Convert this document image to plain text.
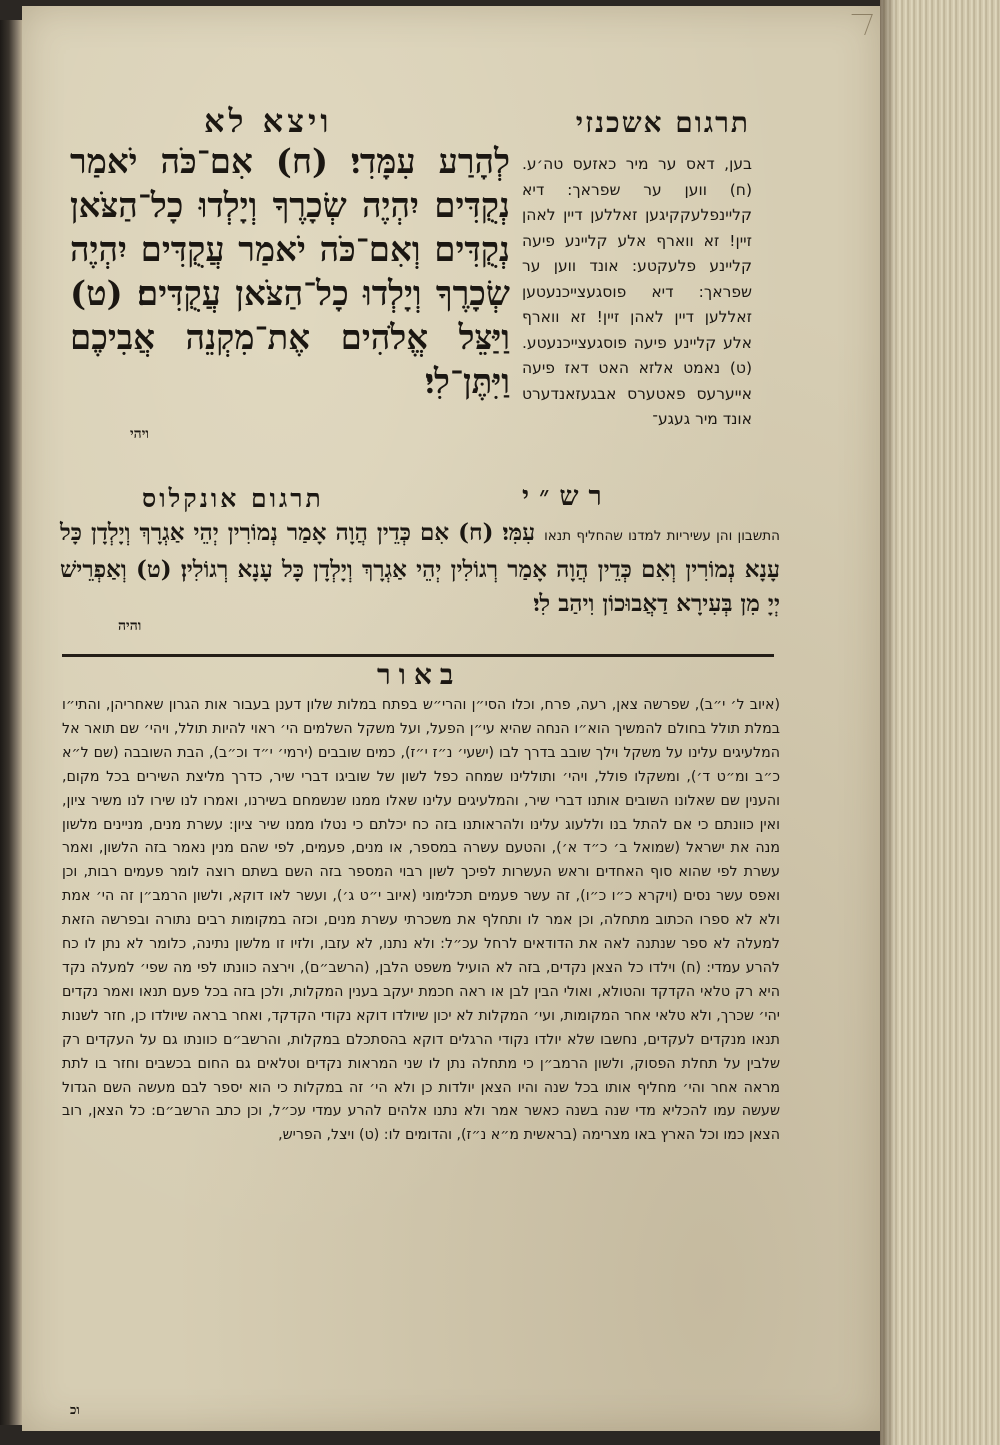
ויצא לא	תרגום אשכנזי
לְהָרַע עִמָּדִי׃ (ח) אִם־כֹּה יֹאמַר נְקֻדִּים יִהְיֶה שְׂכָרֶךָ וְיָלְדוּ כָל־הַצֹּאן נְקֻדִּים וְאִם־כֹּה יֹאמַר עֲקֻדִּים יִהְיֶה שְׂכָרֶךָ וְיָלְדוּ כָל־הַצֹּאן עֲקֻדִּים׃ (ט) וַיַּצֵּל אֱלֹהִים אֶת־מִקְנֵה אֲבִיכֶם וַיִּתֶּן־לִי׃
ויהי
בען, דאס ער מיר כאזעס טה׳ע. (ח) ווען ער שפראך: דיא קליינפלעקקיגען זאללען דיין לאהן זיין! זא ווארף אלע קליינע פיעה קליינע פלעקטע: אונד ווען ער שפראך: דיא פוסגעצייכנעטען זאללען דיין לאהן זיין! זא ווארף אלע קליינע פיעה פוסגעצייכנעטע. (ט) נאמט אלזא האט דאז פיעה אייערעס פאטערס אבגעזאנדערט אונד מיר געגע־
תרגום אונקלוס	רש״י
התשבון והן עשיריות למדנו שהחליף תנאו עִמִּי׃ (ח) אִם כְּדֵין הֲוָה אָמַר נְמוֹרִין יְהֵי אַגְרָךְ וְיָלְדָן כָּל עָנָא נְמוֹרִין וְאִם כְּדֵין הֲוָה אָמַר רְגוֹלִין יְהֵי אַגְרָךְ וְיָלְדָן כָּל עָנָא רְגוֹלִין׃ (ט) וְאַפְרֵישׁ יְיָ מִן בְּעִירָא דַאֲבוּכוֹן וִיהַב לִי׃
והיה
באור

(איוב ל׳ י״ב), שפרשה צאן, רעה, פרח, וכלו הסי״ן והרי״ש בפתח במלות שלון דענן בעבור אות הגרון שאחריהן, והתי״ו במלת תולל בחולם להמשיך הוא״ו הנחה שהיא עי״ן הפעל, ועל משקל השלמים הי׳ ראוי להיות תולל, ויהי׳ שם תואר אל המלעיגים עלינו על משקל וילך שובב בדרך לבו (ישעי׳ נ״ז י״ז), כמים שובבים (ירמי׳ י״ד וכ״ב), הבת השובבה (שם ל״א כ״ב ומ״ט ד׳), ומשקלו פולל, ויהי׳ ותוללינו שמחה כפל לשון של שוביגו דברי שיר, כדרך מליצת השירים בכל מקום, והענין שם שאלונו השובים אותנו דברי שיר, והמלעיגים עלינו שאלו ממנו שנשמחם בשירנו, ואמרו לנו שירו לנו משיר ציון, ואין כוונתם כי אם להתל בנו וללעוג עלינו ולהראותנו בזה כח יכלתם כי נטלו ממנו שיר ציון: עשרת מנים, מניינים מלשון מנה את ישראל (שמואל ב׳ כ״ד א׳), והטעם עשרה במספר, או מנים, פעמים, לפי שהם מנין נאמר בזה הלשון, ואמר עשרת לפי שהוא סוף האחדים וראש העשרות לפיכך לשון רבוי המספר בזה השם בשתם רוצה לומר פעמים רבות, וכן ואפס עשר נסים (ויקרא כ״ו כ״ו), זה עשר פעמים תכלימוני (איוב י״ט ג׳), ועשר לאו דוקא, ולשון הרמב״ן זה הי׳ אמת ולא לא ספרו הכתוב מתחלה, וכן אמר לו ותחלף את משכרתי עשרת מנים, וכזה במקומות רבים נתורה ובפרשה הזאת למעלה לא ספר שנתנה לאה את הדודאים לרחל עכ״ל: ולא נתנו, לא עזבו, ולזיו זו מלשון נתינה, כלומר לא נתן לו כח להרע עמדי: (ח) וילדו כל הצאן נקדים, בזה לא הועיל משפט הלבן, (הרשב״ם), וירצה כוונתו לפי מה שפי׳ למעלה נקד היא רק טלאי הקדקד והטולא, ואולי הבין לבן או ראה חכמת יעקב בענין המקלות, ולכן בזה בכל פעם תנאו ואמר נקדים יהי׳ שכרך, ולא טלאי אחר המקומות, ועי׳ המקלות לא יכון שיולדו דוקא נקודי הקדקד, ואחר בראה שיולדו כן, חזר לשנות תנאו מנקדים לעקדים, נחשבו שלא יולדו נקודי הרגלים דוקא בהסתכלם במקלות, והרשב״ם כוונתו גם על העקדים רק שלבין על תחלת הפסוק, ולשון הרמב״ן כי מתחלה נתן לו שני המראות נקדים וטלאים גם החום בכשבים וחזר בו לתת מראה אחר והי׳ מחליף אותו בכל שנה והיו הצאן יולדות כן ולא הי׳ זה במקלות כי הוא יספר לבם מעשה השם הגדול שעשה עמו להכליא מדי שנה בשנה כאשר אמר ולא נתנו אלהים להרע עמדי עכ״ל, וכן כתב הרשב״ם: כל הצאן, רוב הצאן כמו וכל הארץ באו מצרימה (בראשית מ״א נ״ז), והדומים לו: (ט) ויצל, הפריש,

וכ
